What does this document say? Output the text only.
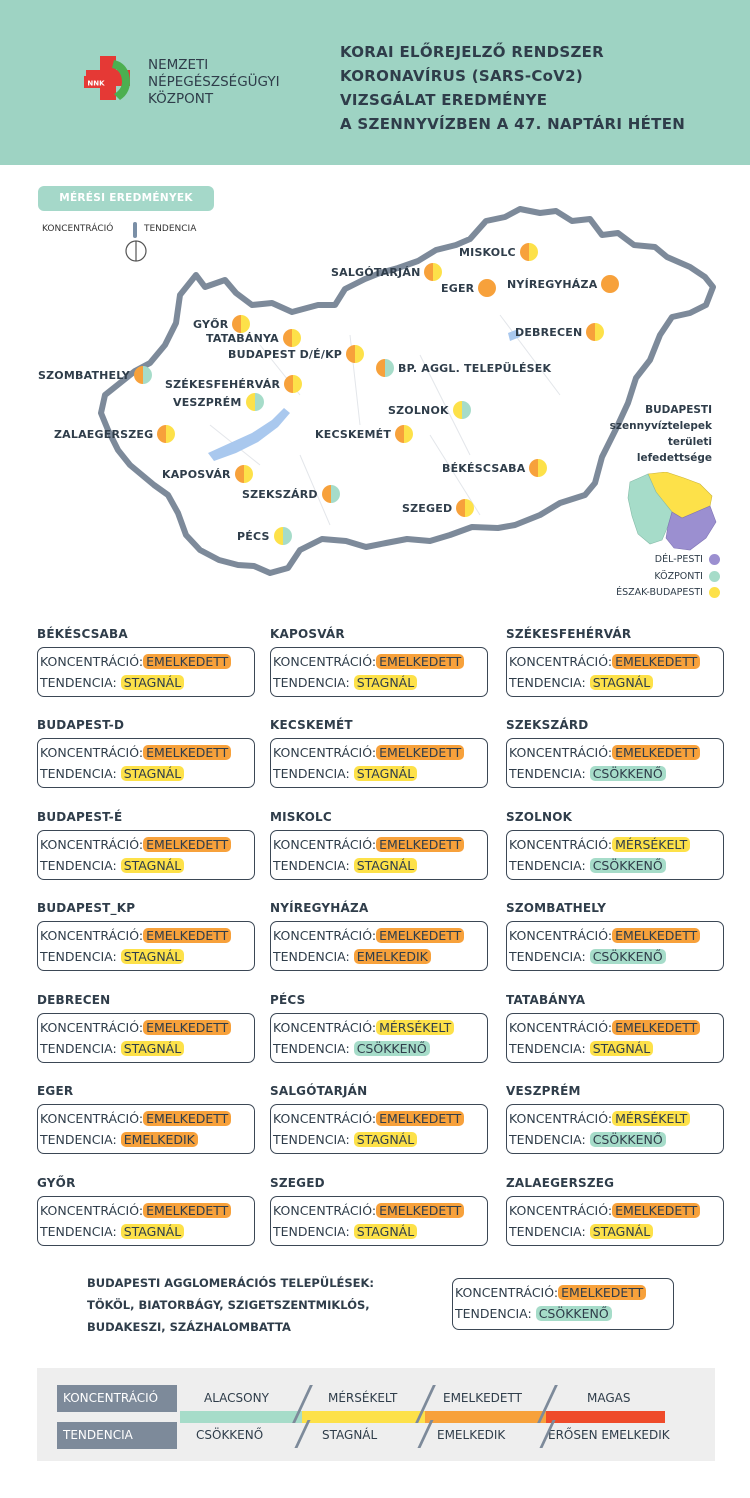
NNK
NEMZETI
NÉPEGÉSZSÉGÜGYI
KÖZPONT
KORAI ELŐREJELZŐ RENDSZER
KORONAVÍRUS (SARS-CoV2)
VIZSGÁLAT EREDMÉNYE
A SZENNYVÍZBEN A 47. NAPTÁRI HÉTEN
MÉRÉSI EREDMÉNYEK
KONCENTRÁCIÓ	TENDENCIA
MISKOLC
SALGÓTARJÁN
EGER	NYÍREGYHÁZA
GYŐR
TATABÁNYA	DEBRECEN
BUDAPEST D/É/KP
BP. AGGL. TELEPÜLÉSEK
SZOMBATHELY
SZÉKESFEHÉRVÁR
VESZPRÉM
SZOLNOK
ZALAEGERSZEG	KECSKEMÉT
BÉKÉSCSABA
KAPOSVÁR
SZEKSZÁRD
SZEGED
PÉCS
BUDAPESTI
szennyvíztelepek
területi
lefedettsége
DÉL-PESTI
KÖZPONTI
ÉSZAK-BUDAPESTI
BÉKÉSCSABA
KONCENTRÁCIÓ: EMELKEDETT
TENDENCIA: STAGNÁL
KAPOSVÁR
KONCENTRÁCIÓ: EMELKEDETT
TENDENCIA: STAGNÁL
SZÉKESFEHÉRVÁR
KONCENTRÁCIÓ: EMELKEDETT
TENDENCIA: STAGNÁL
BUDAPEST-D
KONCENTRÁCIÓ: EMELKEDETT
TENDENCIA: STAGNÁL
KECSKEMÉT
KONCENTRÁCIÓ: EMELKEDETT
TENDENCIA: STAGNÁL
SZEKSZÁRD
KONCENTRÁCIÓ: EMELKEDETT
TENDENCIA: CSÖKKENŐ
BUDAPEST-É
KONCENTRÁCIÓ: EMELKEDETT
TENDENCIA: STAGNÁL
MISKOLC
KONCENTRÁCIÓ: EMELKEDETT
TENDENCIA: STAGNÁL
SZOLNOK
KONCENTRÁCIÓ: MÉRSÉKELT
TENDENCIA: CSÖKKENŐ
BUDAPEST_KP
KONCENTRÁCIÓ: EMELKEDETT
TENDENCIA: STAGNÁL
NYÍREGYHÁZA
KONCENTRÁCIÓ: EMELKEDETT
TENDENCIA: EMELKEDIK
SZOMBATHELY
KONCENTRÁCIÓ: EMELKEDETT
TENDENCIA: CSÖKKENŐ
DEBRECEN
KONCENTRÁCIÓ: EMELKEDETT
TENDENCIA: STAGNÁL
PÉCS
KONCENTRÁCIÓ: MÉRSÉKELT
TENDENCIA: CSÖKKENŐ
TATABÁNYA
KONCENTRÁCIÓ: EMELKEDETT
TENDENCIA: STAGNÁL
EGER
KONCENTRÁCIÓ: EMELKEDETT
TENDENCIA: EMELKEDIK
SALGÓTARJÁN
KONCENTRÁCIÓ: EMELKEDETT
TENDENCIA: STAGNÁL
VESZPRÉM
KONCENTRÁCIÓ: MÉRSÉKELT
TENDENCIA: CSÖKKENŐ
GYŐR
KONCENTRÁCIÓ: EMELKEDETT
TENDENCIA: STAGNÁL
SZEGED
KONCENTRÁCIÓ: EMELKEDETT
TENDENCIA: STAGNÁL
ZALAEGERSZEG
KONCENTRÁCIÓ: EMELKEDETT
TENDENCIA: STAGNÁL
BUDAPESTI AGGLOMERÁCIÓS TELEPÜLÉSEK:
TÖKÖL, BIATORBÁGY, SZIGETSZENTMIKLÓS,
BUDAKESZI, SZÁZHALOMBATTA
KONCENTRÁCIÓ: EMELKEDETT
TENDENCIA: CSÖKKENŐ
KONCENTRÁCIÓ
TENDENCIA
ALACSONY	MÉRSÉKELT	EMELKEDETT	MAGAS
CSÖKKENŐ	STAGNÁL	EMELKEDIK	ERŐSEN EMELKEDIK
